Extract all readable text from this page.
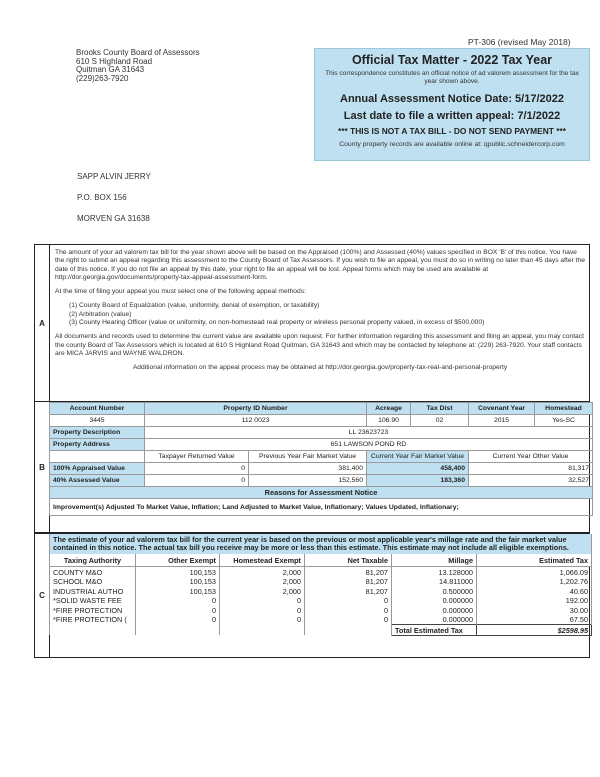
PT-306 (revised May 2018)
Brooks County Board of Assessors
610 S Highland Road
Quitman GA 31643
(229)263-7920
Official Tax Matter - 2022 Tax Year
This correspondence constitutes an official notice of ad valorem assessment for the tax year shown above.
Annual Assessment Notice Date: 5/17/2022
Last date to file a written appeal: 7/1/2022
*** THIS IS NOT A TAX BILL - DO NOT SEND PAYMENT ***
County property records are available online at: qpublic.schneidercorp.com
SAPP ALVIN JERRY
P.O. BOX 156
MORVEN GA 31638
A

The amount of your ad valorem tax bill for the year shown above will be based on the Appraised (100%) and Assessed (40%) values specified in BOX 'B' of this notice. You have the right to submit an appeal regarding this assessment to the County Board of Tax Assessors. If you wish to file an appeal, you must do so in writing no later than 45 days after the date of this notice. If you do not file an appeal by this date, your right to file an appeal will be lost. Appeal forms which may be used are available at http://dor.georgia.gov/documents/property-tax-appeal-assessment-form.

At the time of filing your appeal you must select one of the following appeal methods:

(1) County Board of Equalization (value, uniformity, denial of exemption, or taxability)
(2) Arbitration (value)
(3) County Hearing Officer (value or uniformity, on non-homestead real property or wireless personal property valued, in excess of $500,000)

All documents and records used to determine the current value are available upon request. For further information regarding this assessment and filing an appeal, you may contact the county Board of Tax Assessors which is located at 610 S Highland Road Quitman, GA 31643 and which may be contacted by telephone at: (229) 263-7920. Your staff contacts are MICA JARVIS and WAYNE WALDRON.

Additional information on the appeal process may be obtained at http://dor.georgia.gov/property-tax-real-and-personal-property

B
Account Number	Property ID Number		Acreage	Tax Dist	Covenant Year	Homestead
3445	112 0023		106.90	02	2015	Yes-SC
Property Description	LL 23623723					
Property Address	651 LAWSON POND RD					
	Taxpayer Returned Value	Previous Year Fair Market Value	Current Year Fair Market Value		Current Year Other Value	
100% Appraised Value	0	381,400	458,400		81,317	
40% Assessed Value	0	152,560	183,360		32,527	
Reasons for Assessment Notice						
Improvement(s) Adjusted To Market Value, Inflation; Land Adjusted to Market Value, Inflationary; Values Updated, Inflationary;						
C
The estimate of your ad valorem tax bill for the current year is based on the previous or most applicable year's millage rate and the fair market value contained in this notice. The actual tax bill you receive may be more or less than this estimate. This estimate may not include all eligible exemptions.					
Taxing Authority	Other Exempt	Homestead Exempt	Net Taxable	Millage	Estimated Tax
COUNTY M&O	100,153	2,000	81,207	13.128000	1,066.09
SCHOOL M&O	100,153	2,000	81,207	14.811000	1,202.76
INDUSTRIAL AUTHO	100,153	2,000	81,207	0.500000	40.60
*SOLID WASTE FEE	0	0	0	0.000000	192.00
*FIRE PROTECTION	0	0	0	0.000000	30.00
*FIRE PROTECTION (	0	0	0	0.000000	67.50
				Total Estimated Tax	$2598.95
